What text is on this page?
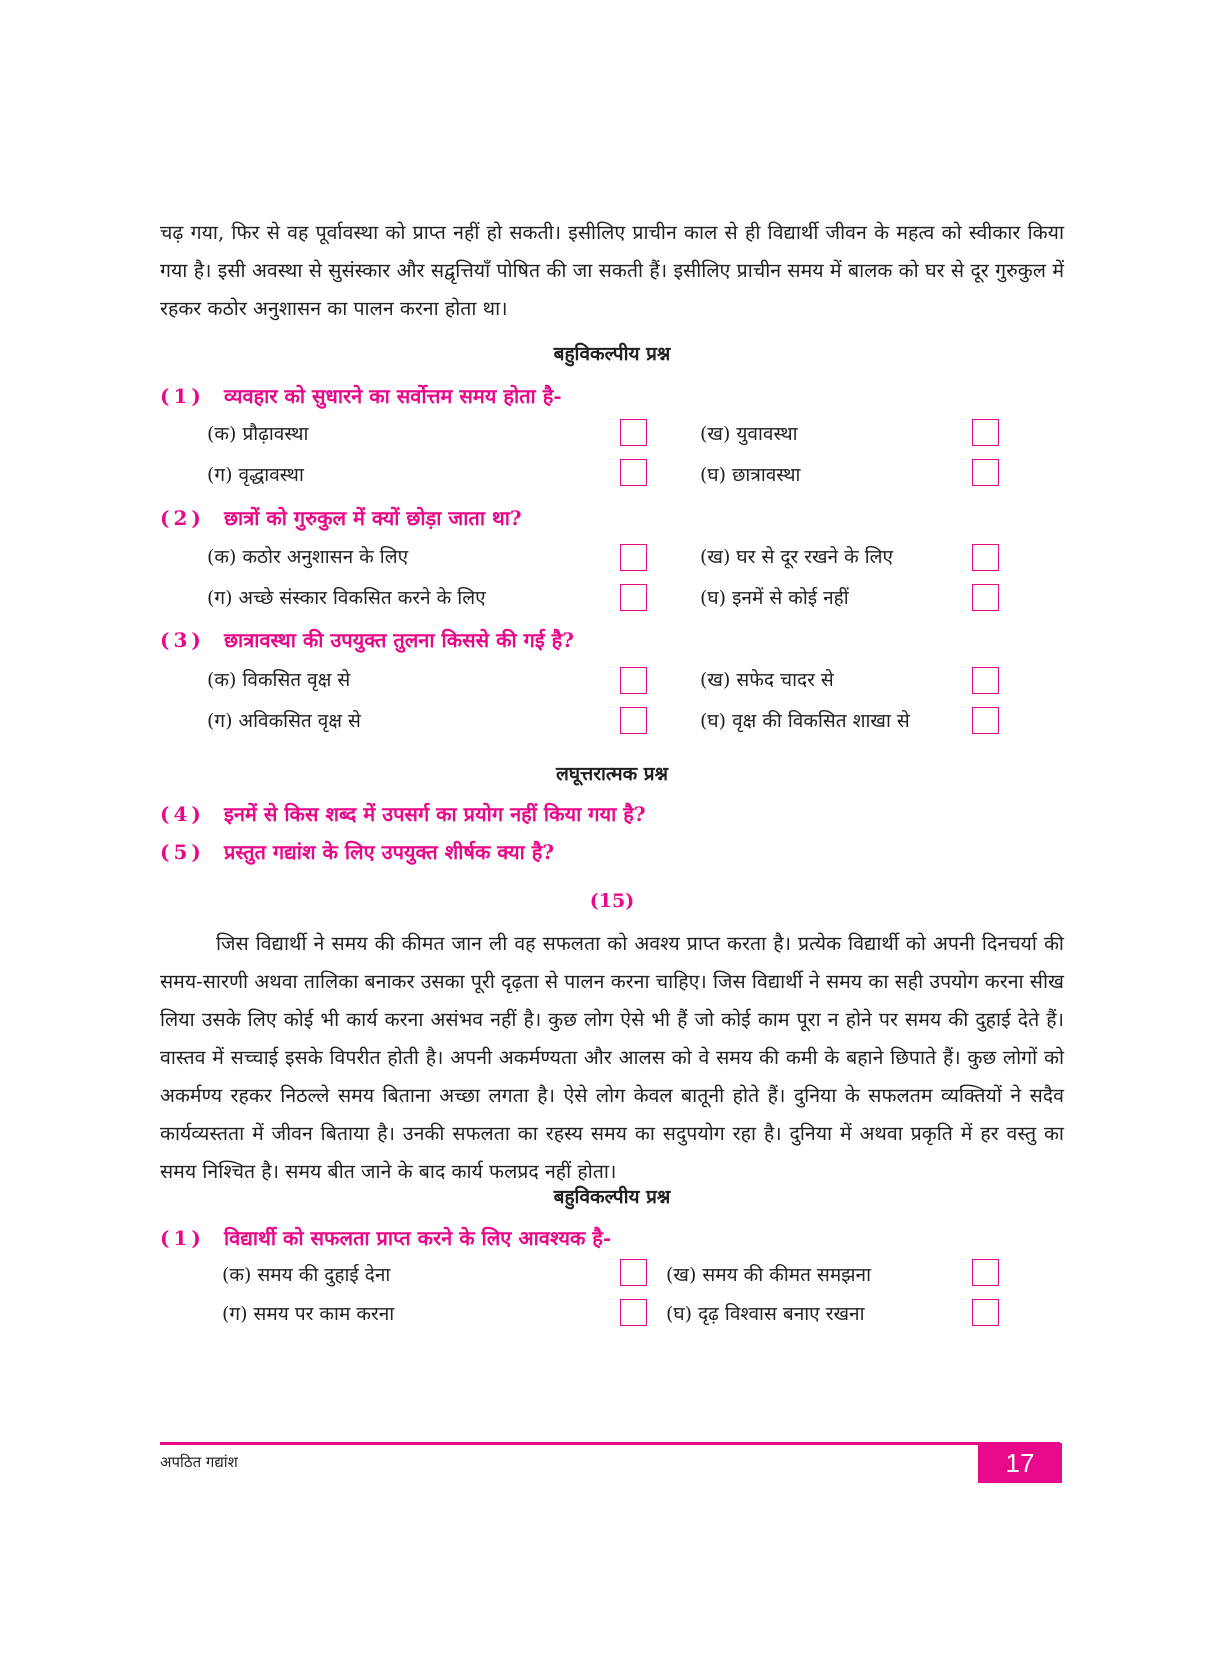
चढ़ गया, फिर से वह पूर्वावस्था को प्राप्त नहीं हो सकती। इसीलिए प्राचीन काल से ही विद्यार्थी जीवन के महत्व को स्वीकार किया गया है। इसी अवस्था से सुसंस्कार और सद्वृत्तियाँ पोषित की जा सकती हैं। इसीलिए प्राचीन समय में बालक को घर से दूर गुरुकुल में रहकर कठोर अनुशासन का पालन करना होता था।

बहुविकल्पीय प्रश्न

(1) व्यवहार को सुधारने का सर्वोत्तम समय होता है-

(क) प्रौढ़ावस्था	(ख) युवावस्था
(ग) वृद्धावस्था	(घ) छात्रावस्था

(2) छात्रों को गुरुकुल में क्यों छोड़ा जाता था?

(क) कठोर अनुशासन के लिए	(ख) घर से दूर रखने के लिए
(ग) अच्छे संस्कार विकसित करने के लिए	(घ) इनमें से कोई नहीं

(3) छात्रावस्था की उपयुक्त तुलना किससे की गई है?

(क) विकसित वृक्ष से	(ख) सफेद चादर से
(ग) अविकसित वृक्ष से	(घ) वृक्ष की विकसित शाखा से

लघूत्तरात्मक प्रश्न

(4) इनमें से किस शब्द में उपसर्ग का प्रयोग नहीं किया गया है?

(5) प्रस्तुत गद्यांश के लिए उपयुक्त शीर्षक क्या है?

(15)

जिस विद्यार्थी ने समय की कीमत जान ली वह सफलता को अवश्य प्राप्त करता है। प्रत्येक विद्यार्थी को अपनी दिनचर्या की समय-सारणी अथवा तालिका बनाकर उसका पूरी दृढ़ता से पालन करना चाहिए। जिस विद्यार्थी ने समय का सही उपयोग करना सीख लिया उसके लिए कोई भी कार्य करना असंभव नहीं है। कुछ लोग ऐसे भी हैं जो कोई काम पूरा न होने पर समय की दुहाई देते हैं। वास्तव में सच्चाई इसके विपरीत होती है। अपनी अकर्मण्यता और आलस को वे समय की कमी के बहाने छिपाते हैं। कुछ लोगों को अकर्मण्य रहकर निठल्ले समय बिताना अच्छा लगता है। ऐसे लोग केवल बातूनी होते हैं। दुनिया के सफलतम व्यक्तियों ने सदैव कार्यव्यस्तता में जीवन बिताया है। उनकी सफलता का रहस्य समय का सदुपयोग रहा है। दुनिया में अथवा प्रकृति में हर वस्तु का समय निश्चित है। समय बीत जाने के बाद कार्य फलप्रद नहीं होता।

बहुविकल्पीय प्रश्न

(1) विद्यार्थी को सफलता प्राप्त करने के लिए आवश्यक है-

(क) समय की दुहाई देना	(ख) समय की कीमत समझना
(ग) समय पर काम करना	(घ) दृढ़ विश्वास बनाए रखना
अपठित गद्यांश	17
